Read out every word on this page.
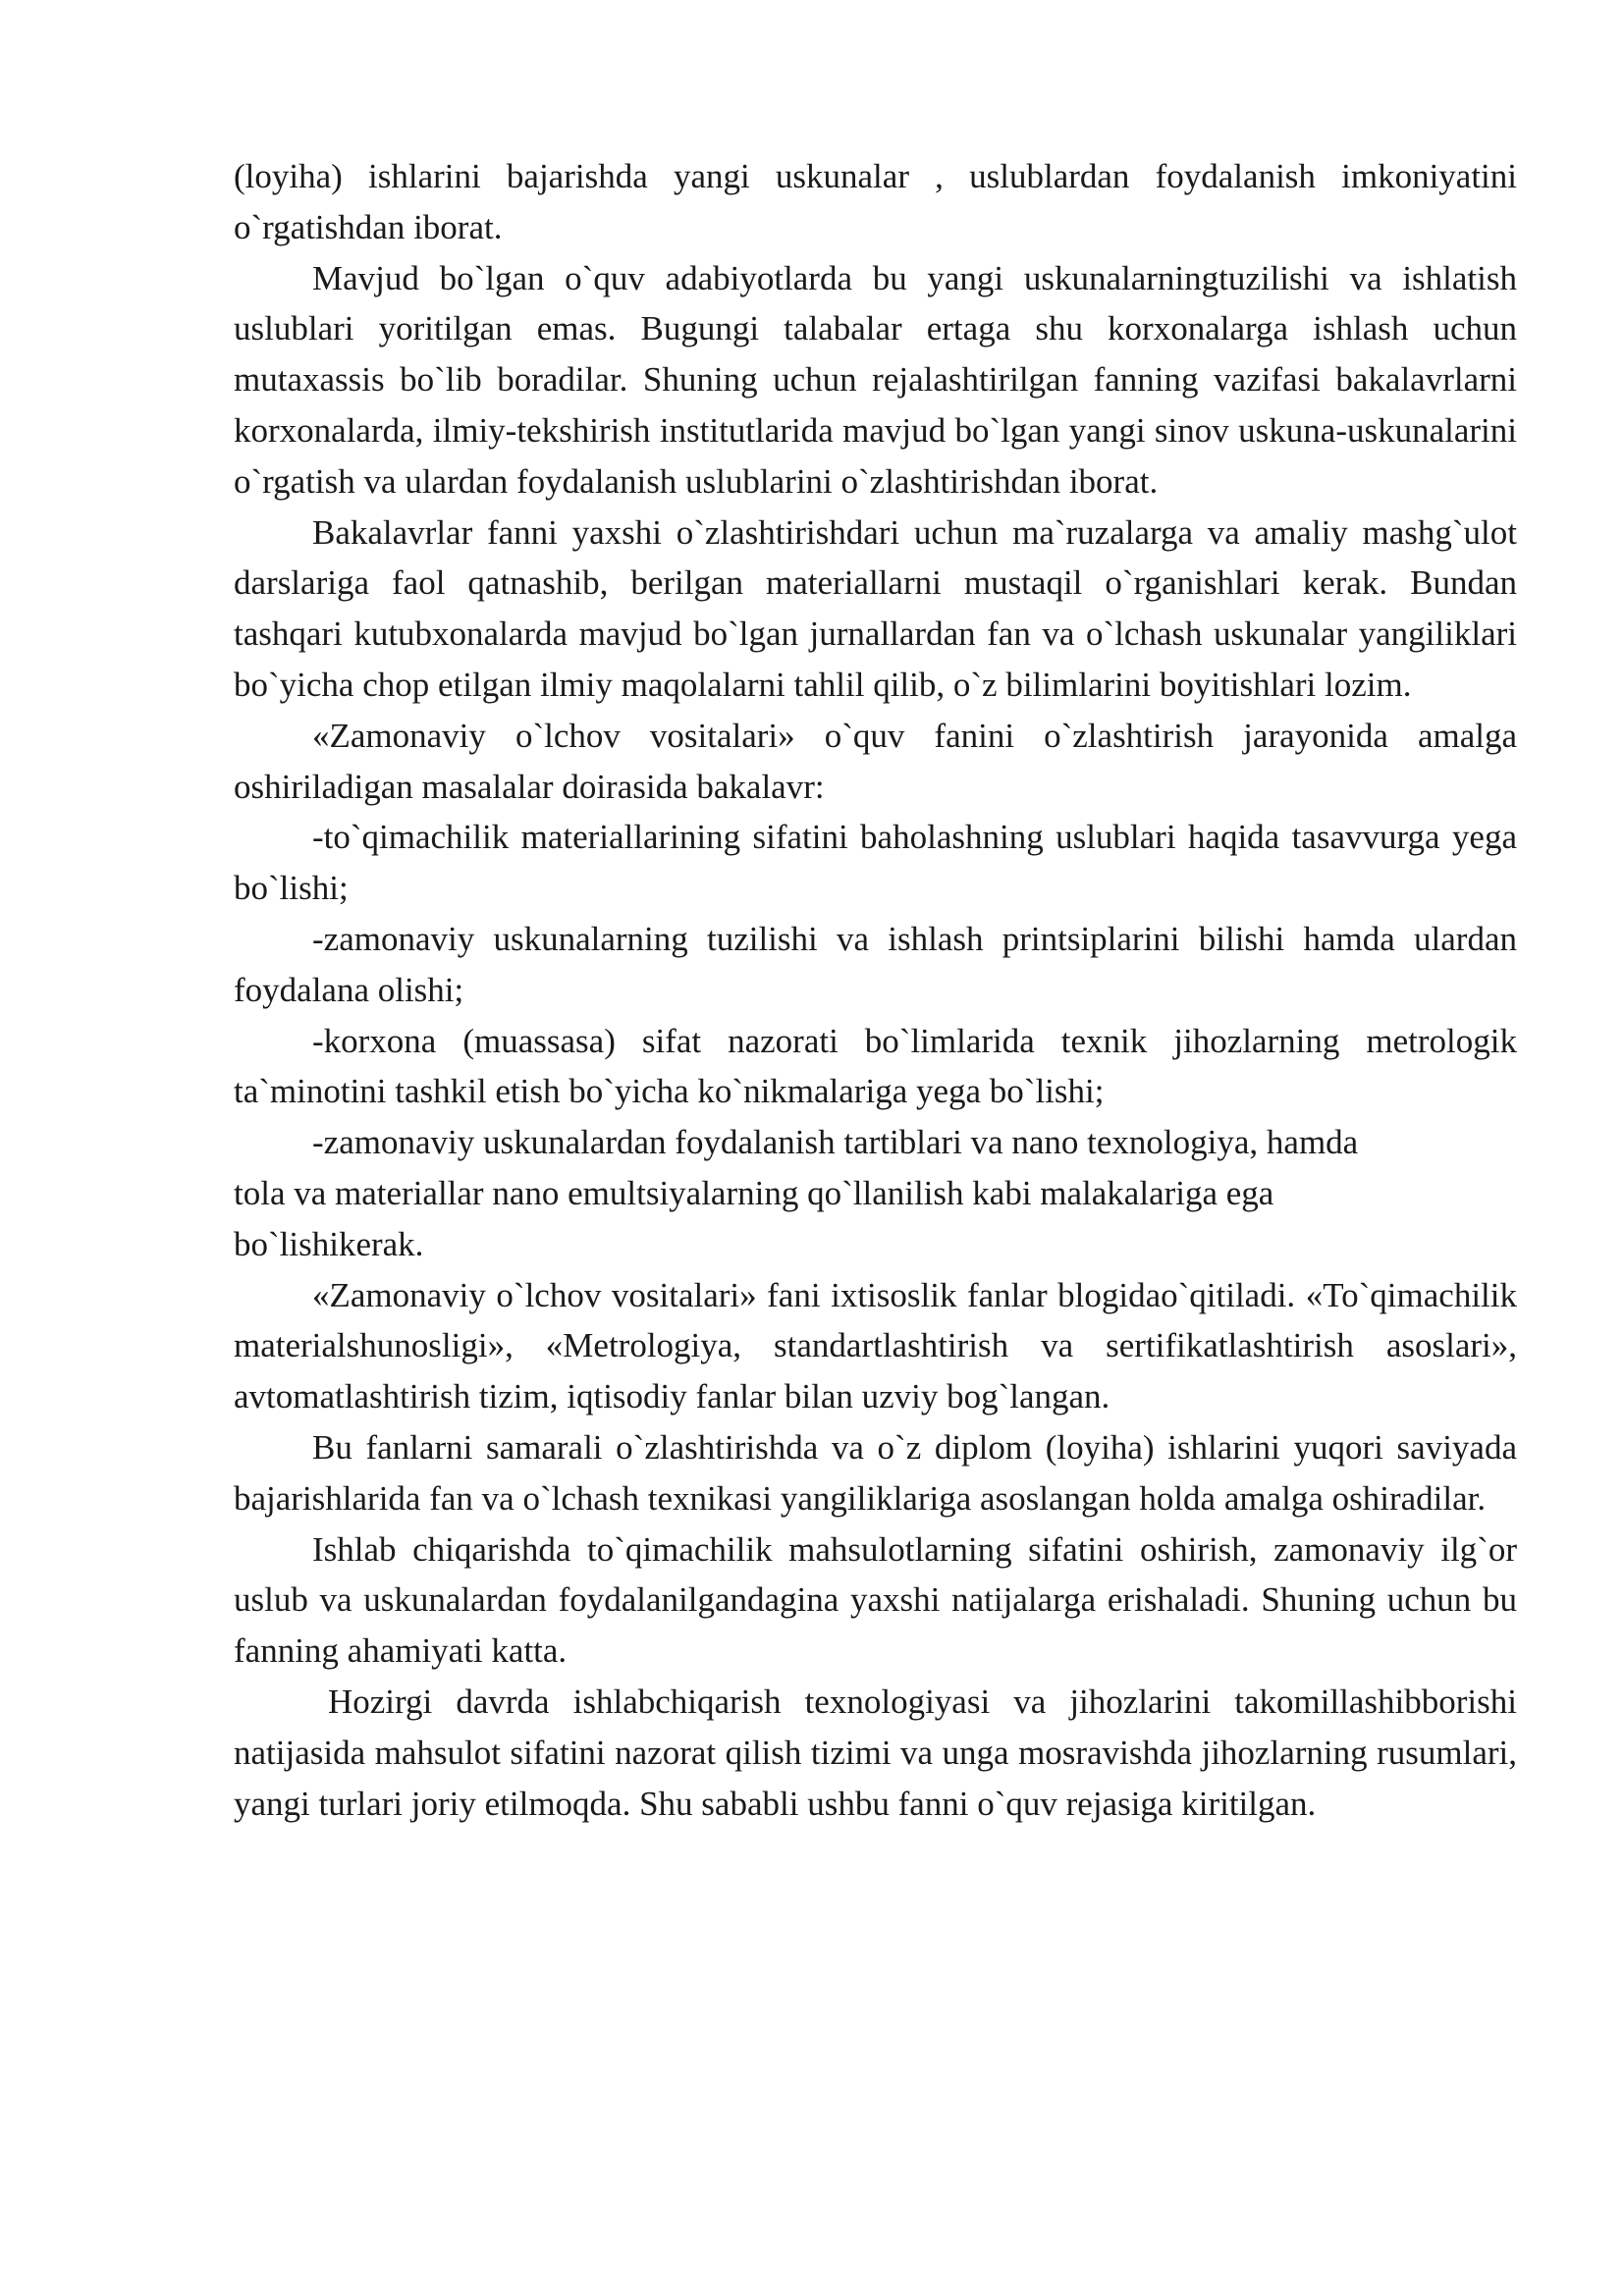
(loyiha) ishlarini bajarishda yangi uskunalar , uslublardan foydalanish imkoniyatini o`rgatishdan iborat.

Mavjud bo`lgan o`quv adabiyotlarda bu yangi uskunalarningtuzilishi va ishlatish uslublari yoritilgan emas. Bugungi talabalar ertaga shu korxonalarga ishlash uchun mutaxassis bo`lib boradilar. Shuning uchun rejalashtirilgan fanning vazifasi bakalavrlarni korxonalarda, ilmiy-tekshirish institutlarida mavjud bo`lgan yangi sinov uskuna-uskunalarini o`rgatish va ulardan foydalanish uslublarini o`zlashtirishdan iborat.

Bakalavrlar fanni yaxshi o`zlashtirishdari uchun ma`ruzalarga va amaliy mashg`ulot darslariga faol qatnashib, berilgan materiallarni mustaqil o`rganishlari kerak. Bundan tashqari kutubxonalarda mavjud bo`lgan jurnallardan fan va o`lchash uskunalar yangiliklari bo`yicha chop etilgan ilmiy maqolalarni tahlil qilib, o`z bilimlarini boyitishlari lozim.

«Zamonaviy o`lchov vositalari» o`quv fanini o`zlashtirish jarayonida amalga oshiriladigan masalalar doirasida bakalavr:

-to`qimachilik materiallarining sifatini baholashning uslublari haqida tasavvurga yega bo`lishi;

-zamonaviy uskunalarning tuzilishi va ishlash printsiplarini bilishi hamda ulardan foydalana olishi;

-korxona (muassasa) sifat nazorati bo`limlarida texnik jihozlarning metrologik ta`minotini tashkil etish bo`yicha ko`nikmalariga yega bo`lishi;

-zamonaviy uskunalardan foydalanish tartiblari va nano texnologiya, hamda
tola va materiallar nano emultsiyalarning qo`llanilish kabi malakalariga ega
bo`lishikerak.

«Zamonaviy o`lchov vositalari» fani ixtisoslik fanlar blogidao`qitiladi. «To`qimachilik materialshunosligi», «Metrologiya, standartlashtirish va sertifikatlashtirish asoslari», avtomatlashtirish tizim, iqtisodiy fanlar bilan uzviy bog`langan.

Bu fanlarni samarali o`zlashtirishda va o`z diplom (loyiha) ishlarini yuqori saviyada bajarishlarida fan va o`lchash texnikasi yangiliklariga asoslangan holda amalga oshiradilar.

Ishlab chiqarishda to`qimachilik mahsulotlarning sifatini oshirish, zamonaviy ilg`or uslub va uskunalardan foydalanilgandagina yaxshi natijalarga erishaladi. Shuning uchun bu fanning ahamiyati katta.

Hozirgi davrda ishlabchiqarish texnologiyasi va jihozlarini takomillashibborishi natijasida mahsulot sifatini nazorat qilish tizimi va unga mosravishda jihozlarning rusumlari, yangi turlari joriy etilmoqda. Shu sababli ushbu fanni o`quv rejasiga kiritilgan.
